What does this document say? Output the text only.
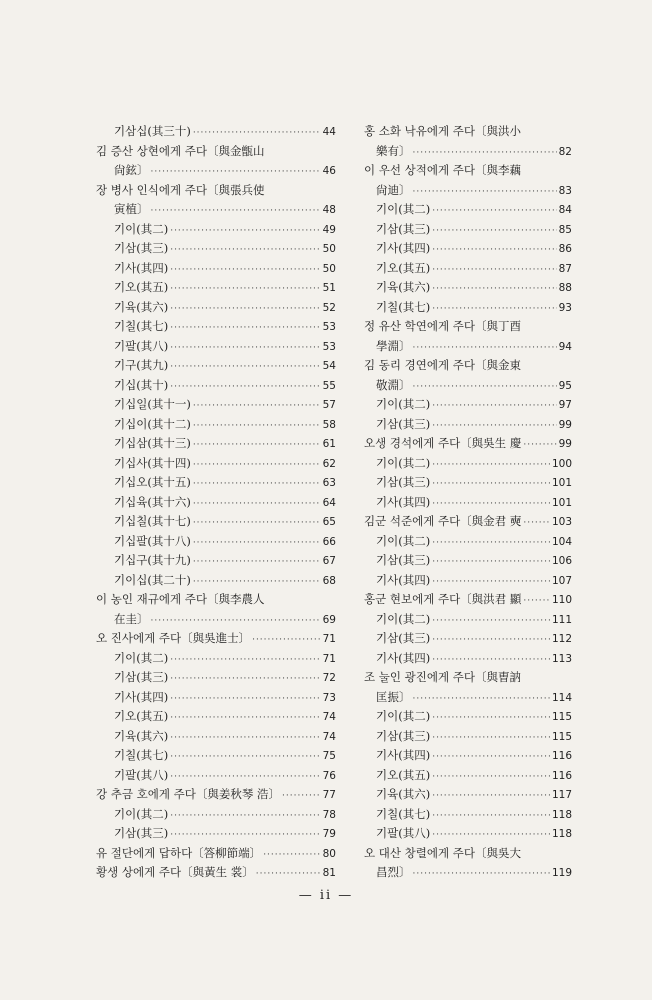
기삼십(其三十) ·····	44
김 증산 상현에게 주다〔與金甑山
尙鉉〕 ·····	46
장 병사 인식에게 주다〔與張兵使
寅植〕 ·····	48
기이(其二) ·····	49
기삼(其三) ·····	50
기사(其四) ·····	50
기오(其五) ·····	51
기육(其六) ·····	52
기칠(其七) ·····	53
기팔(其八) ·····	53
기구(其九) ·····	54
기십(其十) ·····	55
기십일(其十一) ·····	57
기십이(其十二) ·····	58
기십삼(其十三) ·····	61
기십사(其十四) ·····	62
기십오(其十五) ·····	63
기십육(其十六) ·····	64
기십칠(其十七) ·····	65
기십팔(其十八) ·····	66
기십구(其十九) ·····	67
기이십(其二十) ·····	68
이 농인 재규에게 주다〔與李農人
在圭〕 ·····	69
오 진사에게 주다〔與吳進士〕 ·····	71
기이(其二) ·····	71
기삼(其三) ·····	72
기사(其四) ·····	73
기오(其五) ·····	74
기육(其六) ·····	74
기칠(其七) ·····	75
기팔(其八) ·····	76
강 추금 호에게 주다〔與姜秋琴 浩〕 ·····	77
기이(其二) ·····	78
기삼(其三) ·····	79
유 절단에게 답하다〔答柳節端〕 ·····	80
황생 상에게 주다〔與黃生 裳〕 ·····	81
홍 소화 낙유에게 주다〔與洪小
樂有〕 ·····	82
이 우선 상적에게 주다〔與李藕
尙迪〕 ·····	83
기이(其二) ·····	84
기삼(其三) ·····	85
기사(其四) ·····	86
기오(其五) ·····	87
기육(其六) ·····	88
기칠(其七) ·····	93
정 유산 학연에게 주다〔與丁酉
學淵〕 ·····	94
김 동리 경연에게 주다〔與金東
敬淵〕 ·····	95
기이(其二) ·····	97
기삼(其三) ·····	99
오생 경석에게 주다〔與吳生 慶 ·····	99
기이(其二) ·····	100
기삼(其三) ·····	101
기사(其四) ·····	101
김군 석준에게 주다〔與金君 奭 ·····	103
기이(其二) ·····	104
기삼(其三) ·····	106
기사(其四) ·····	107
홍군 현보에게 주다〔與洪君 顯 ·····	110
기이(其二) ·····	111
기삼(其三) ·····	112
기사(其四) ·····	113
조 눌인 광진에게 주다〔與曺訥
匡振〕 ·····	114
기이(其二) ·····	115
기삼(其三) ·····	115
기사(其四) ·····	116
기오(其五) ·····	116
기육(其六) ·····	117
기칠(其七) ·····	118
기팔(其八) ·····	118
오 대산 창렬에게 주다〔與吳大
昌烈〕 ·····	119
— ii —
